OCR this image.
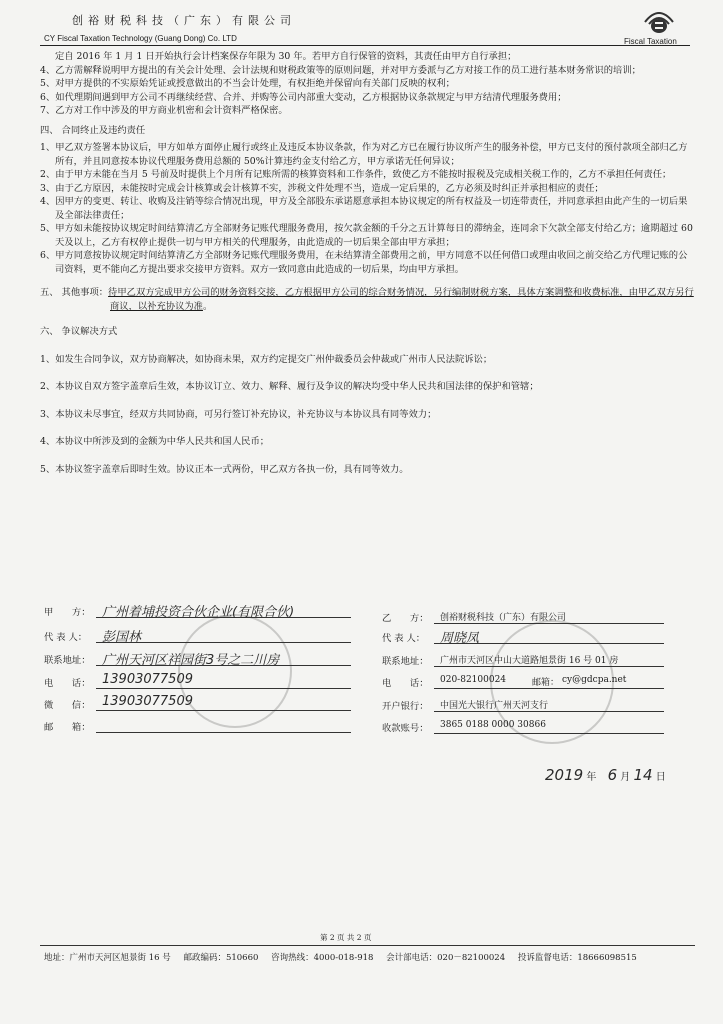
创裕财税科技（广东）有限公司
CY Fiscal Taxation Technology (Guang Dong) Co. LTD	Fiscal Taxation

定自 2016 年 1 月 1 日开始执行会计档案保存年限为 30 年。若甲方自行保管的资料，其责任由甲方自行承担；

4、乙方需解释说明甲方提出的有关会计处理、会计法规和财税政策等的原则问题，并对甲方委派与乙方对接工作的员工进行基本财务常识的培训；

5、对甲方提供的不实原始凭证或授意做出的不当会计处理，有权拒绝并保留向有关部门反映的权利；

6、如代理期间遇到甲方公司不再继续经营、合并、并购等公司内部重大变动，乙方根据协议条款规定与甲方结清代理服务费用；

7、乙方对工作中涉及的甲方商业机密和会计资料严格保密。

四、 合同终止及违约责任

1、甲乙双方签署本协议后，甲方如单方面停止履行或终止及违反本协议条款，作为对乙方已在履行协议所产生的服务补偿，甲方已支付的预付款项全部归乙方所有，并且同意按本协议代理服务费用总额的 50%计算违约金支付给乙方，甲方承诺无任何异议；

2、由于甲方未能在当月 5 号前及时提供上个月所有记账所需的核算资料和工作条件，致使乙方不能按时报税及完成相关税工作的，乙方不承担任何责任；

3、由于乙方原因，未能按时完成会计核算或会计核算不实，涉税文件处理不当，造成一定后果的，乙方必须及时纠正并承担相应的责任；

4、因甲方的变更、转让、收购及注销等综合情况出现，甲方及全部股东承诺愿意承担本协议规定的所有权益及一切连带责任，并同意承担由此产生的一切后果及全部法律责任；

5、甲方如未能按协议规定时间结算清乙方全部财务记账代理服务费用，按欠款金额的千分之五计算每日的滞纳金，连同余下欠款全部支付给乙方；逾期超过 60 天及以上，乙方有权停止提供一切与甲方相关的代理服务，由此造成的一切后果全部由甲方承担；

6、甲方同意按协议规定时间结算清乙方全部财务记账代理服务费用，在未结算清全部费用之前，甲方同意不以任何借口或理由收回之前交给乙方代理记账的公司资料，更不能向乙方提出要求交接甲方资料。双方一致同意由此造成的一切后果，均由甲方承担。

五、 其他事项：待甲乙双方完成甲方公司的财务资料交接，乙方根据甲方公司的综合财务情况，另行编制财税方案，具体方案调整和收费标准，由甲乙双方另行商议，以补充协议为准。

六、 争议解决方式

1、如发生合同争议，双方协商解决，如协商未果，双方约定提交广州仲裁委员会仲裁或广州市人民法院诉讼；

2、本协议自双方签字盖章后生效，本协议订立、效力、解释、履行及争议的解决均受中华人民共和国法律的保护和管辖；

3、本协议未尽事宜，经双方共同协商，可另行签订补充协议，补充协议与本协议具有同等效力；

4、本协议中所涉及到的金额为中华人民共和国人民币；

5、本协议签字盖章后即时生效。协议正本一式两份，甲乙双方各执一份，具有同等效力。

甲　　方： 广州着埔投资合伙企业(有限合伙)
代 表 人： 彭国林
联系地址： 广州天河区祥园街3号之二川房
电　　话： 13903077509
微　　信： 13903077509
邮　　箱：
乙　　方： 创裕财税科技（广东）有限公司
代 表 人： 周晓凤
联系地址： 广州市天河区中山大道路旭景街 16 号 01 房
电　　话： 020-82100024	邮箱： cy@gdcpa.net
开户银行： 中国光大银行广州天河支行
收款账号： 3865 0188 0000 30866
2019 年 6 月 14 日
第 2 页 共 2 页
地址：广州市天河区旭景街 16 号 邮政编码：510660 咨询热线：4000-018-918 会计部电话：020－82100024 投诉监督电话：18666098515
